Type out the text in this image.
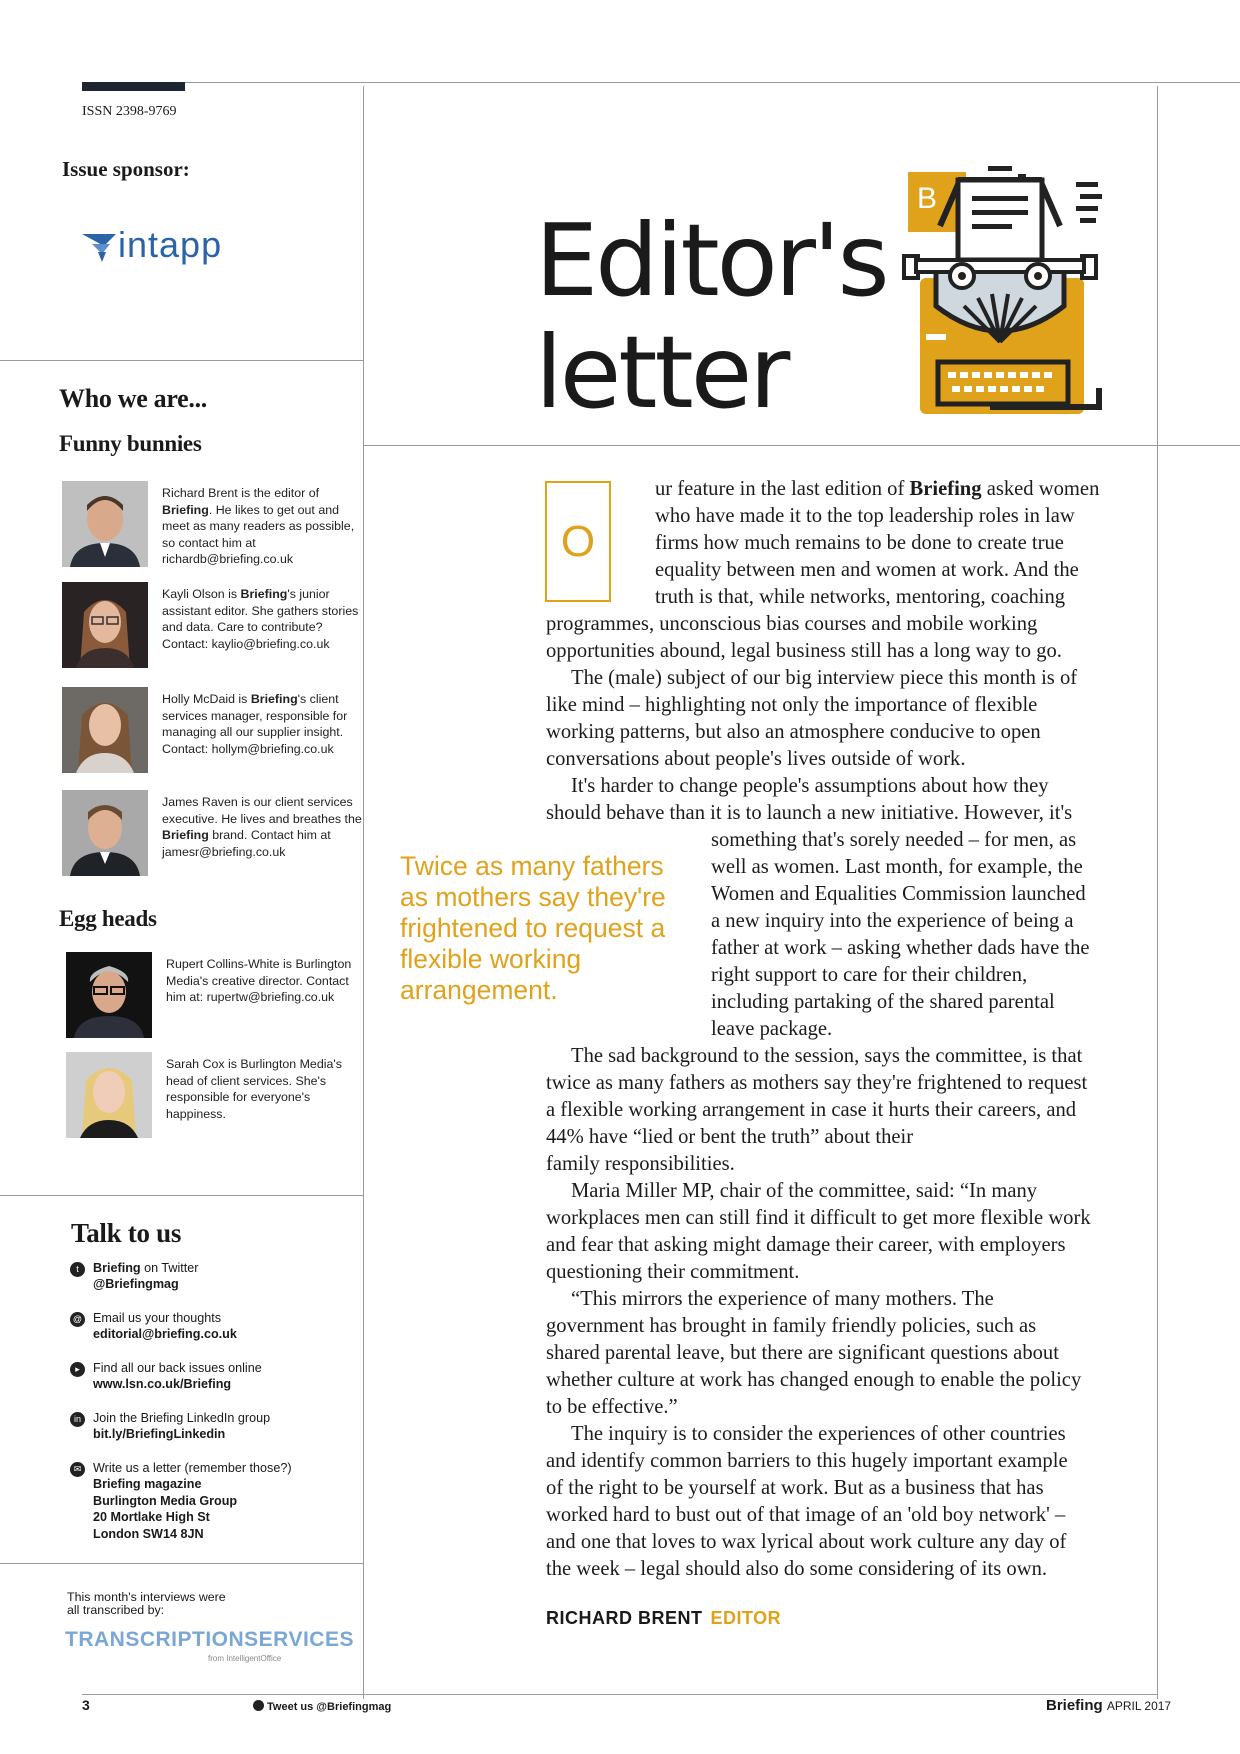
ISSN 2398-9769
Issue sponsor:
intapp
Who we are...
Funny bunnies
Richard Brent is the editor of Briefing. He likes to get out and meet as many readers as possible, so contact him at richardb@briefing.co.uk
Kayli Olson is Briefing's junior assistant editor. She gathers stories and data. Care to contribute? Contact: kaylio@briefing.co.uk
Holly McDaid is Briefing's client services manager, responsible for managing all our supplier insight. Contact: hollym@briefing.co.uk
James Raven is our client services executive. He lives and breathes the Briefing brand. Contact him at jamesr@briefing.co.uk
Egg heads
Rupert Collins-White is Burlington Media's creative director. Contact him at: rupertw@briefing.co.uk
Sarah Cox is Burlington Media's head of client services. She's responsible for everyone's happiness.
Talk to us
t	Briefing on Twitter
@Briefingmag
@ Email us your thoughts
editorial@briefing.co.uk
▸	Find all our back issues online
www.lsn.co.uk/Briefing
in Join the Briefing LinkedIn group
bit.ly/BriefingLinkedin
✉ Write us a letter (remember those?)
Briefing magazine
Burlington Media Group
20 Mortlake High St
London SW14 8JN
This month's interviews were all transcribed by:
TRANSCRIPTIONSERVICES
from IntelligentOffice
Editor's
letter
B
O
ur feature in the last edition of Briefing asked women
who have made it to the top leadership roles in law
firms how much remains to be done to create true
equality between men and women at work. And the
truth is that, while networks, mentoring, coaching
programmes, unconscious bias courses and mobile working
opportunities abound, legal business still has a long way to go.
The (male) subject of our big interview piece this month is of
like mind – highlighting not only the importance of flexible
working patterns, but also an atmosphere conducive to open
conversations about people's lives outside of work.
It's harder to change people's assumptions about how they
should behave than it is to launch a new initiative. However, it's
something that's sorely needed – for men, as
well as women. Last month, for example, the
Women and Equalities Commission launched
a new inquiry into the experience of being a
father at work – asking whether dads have the
right support to care for their children,
including partaking of the shared parental
leave package.
The sad background to the session, says the committee, is that
twice as many fathers as mothers say they're frightened to request
a flexible working arrangement in case it hurts their careers, and
44% have “lied or bent the truth” about their
family responsibilities.
Maria Miller MP, chair of the committee, said: “In many
workplaces men can still find it difficult to get more flexible work
and fear that asking might damage their career, with employers
questioning their commitment.
“This mirrors the experience of many mothers. The
government has brought in family friendly policies, such as
shared parental leave, but there are significant questions about
whether culture at work has changed enough to enable the policy
to be effective.”
The inquiry is to consider the experiences of other countries
and identify common barriers to this hugely important example
of the right to be yourself at work. But as a business that has
worked hard to bust out of that image of an 'old boy network' –
and one that loves to wax lyrical about work culture any day of
the week – legal should also do some considering of its own.
Twice as many fathers as mothers say they're frightened to request a flexible working arrangement.
RICHARD BRENT EDITOR
3	Tweet us @Briefingmag	Briefing APRIL 2017
